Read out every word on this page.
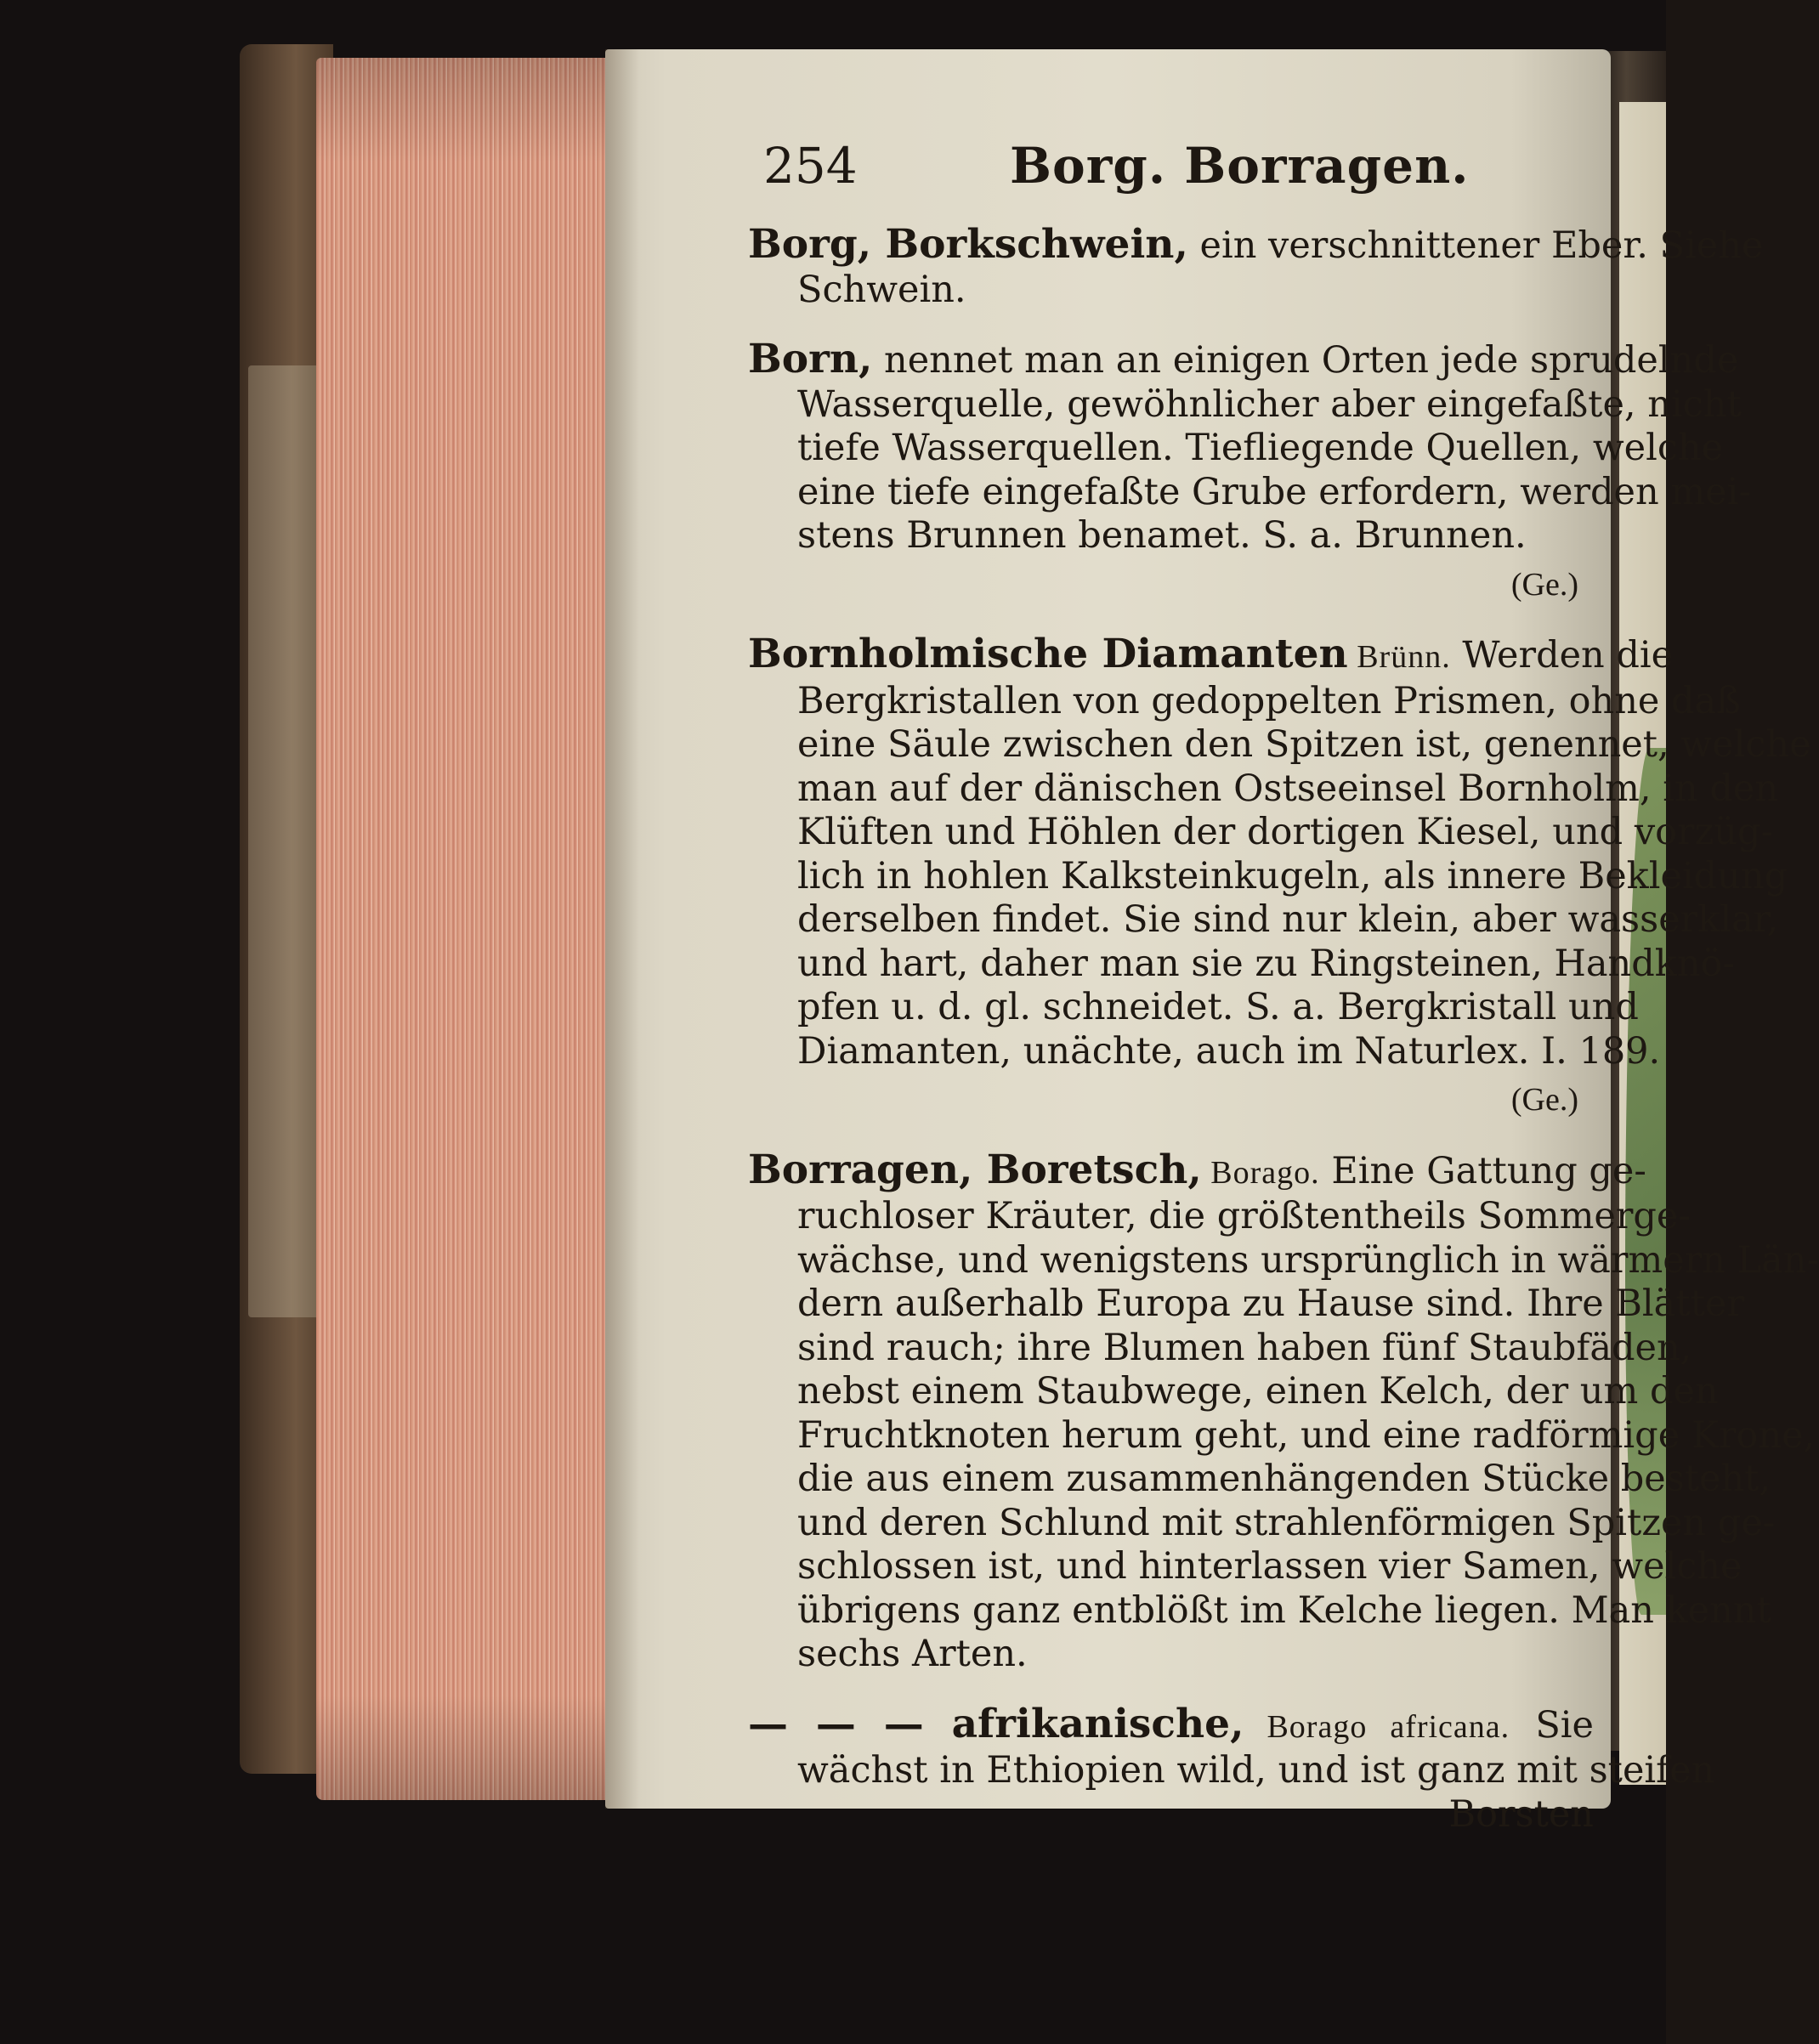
254	Borg. Borragen.
Borg, Borkschwein, ein verschnittener Eber. Siehe
Schwein.
Born, nennet man an einigen Orten jede sprudelnde
Wasserquelle, gewöhnlicher aber eingefaßte, nicht
tiefe Wasserquellen. Tiefliegende Quellen, welche
eine tiefe eingefaßte Grube erfordern, werden mei-
stens Brunnen benamet. S. a. Brunnen.
(Ge.)
Bornholmische Diamanten Brünn. Werden die
Bergkristallen von gedoppelten Prismen, ohne daß
eine Säule zwischen den Spitzen ist, genennet, welche
man auf der dänischen Ostseeinsel Bornholm, in den
Klüften und Höhlen der dortigen Kiesel, und vorzüg-
lich in hohlen Kalksteinkugeln, als innere Bekleidung
derselben findet. Sie sind nur klein, aber wasserklar,
und hart, daher man sie zu Ringsteinen, Handknö-
pfen u. d. gl. schneidet. S. a. Bergkristall und
Diamanten, unächte, auch im Naturlex. I. 189.
(Ge.)
Borragen, Boretsch, Borago. Eine Gattung ge-
ruchloser Kräuter, die größtentheils Sommerge-
wächse, und wenigstens ursprünglich in wärmern Län-
dern außerhalb Europa zu Hause sind. Ihre Blätter
sind rauch; ihre Blumen haben fünf Staubfäden,
nebst einem Staubwege, einen Kelch, der um den
Fruchtknoten herum geht, und eine radförmige Krone,
die aus einem zusammenhängenden Stücke besteht,
und deren Schlund mit strahlenförmigen Spitzen ge-
schlossen ist, und hinterlassen vier Samen, welche
übrigens ganz entblößt im Kelche liegen. Man kennt
sechs Arten.
— — — afrikanische, Borago africana. Sie
wächst in Ethiopien wild, und ist ganz mit steifen
Borsten
